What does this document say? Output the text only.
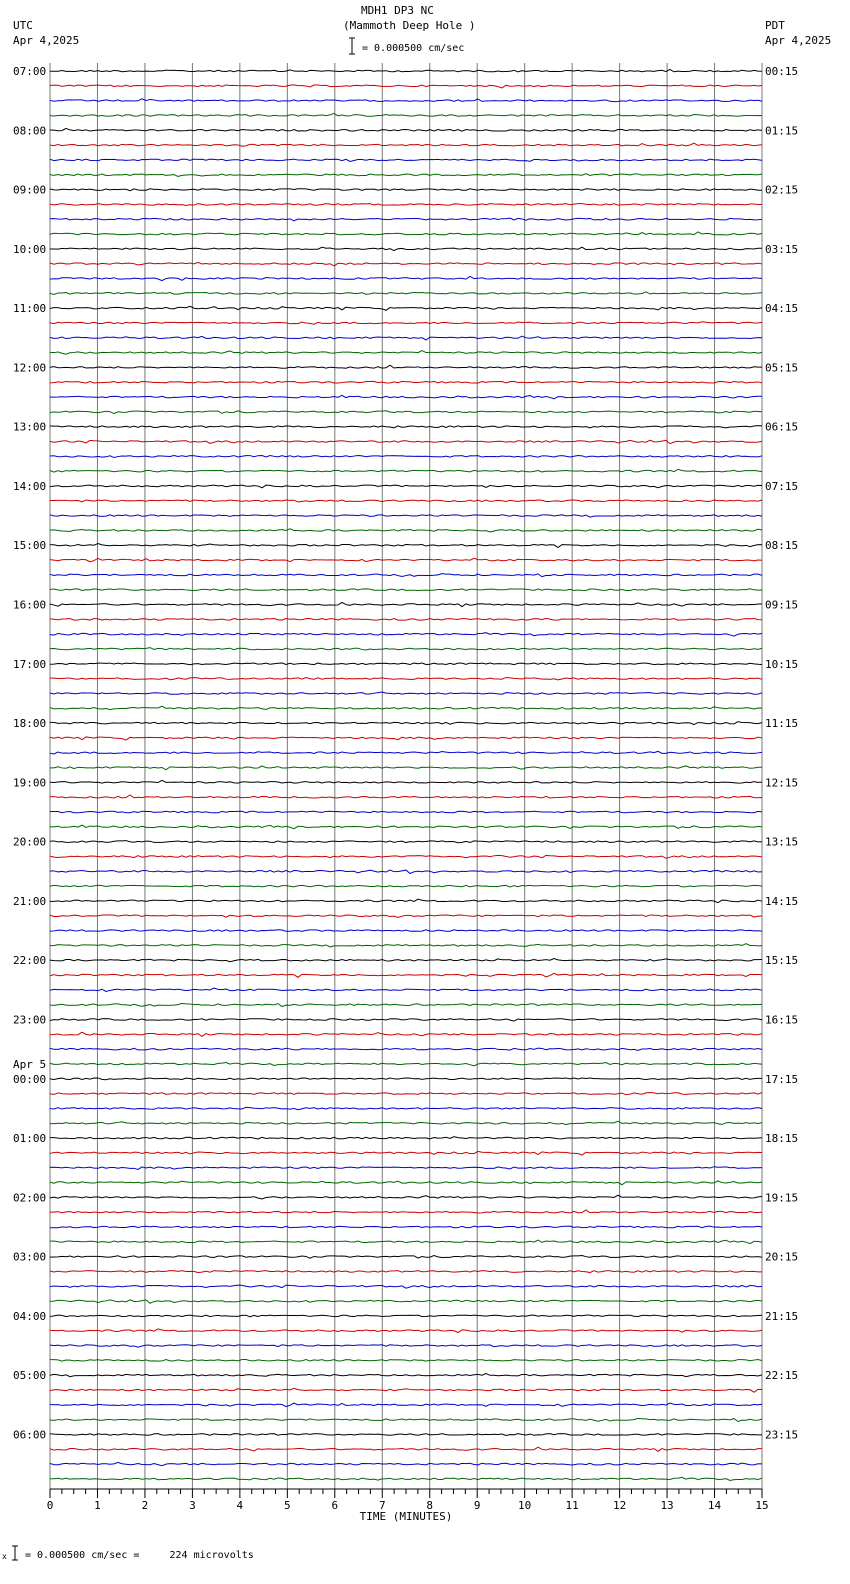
MDH1 DP3 NC
(Mammoth Deep Hole )
UTC
Apr 4,2025
PDT
Apr 4,2025
= 0.000500 cm/sec
x = 0.000500 cm/sec =     224 microvolts
0	1	2	3	4	5	6	7	8	9	10	11	12	13	14	15
TIME (MINUTES)
07:00
08:00
09:00
10:00
11:00
12:00
13:00
14:00
15:00
16:00
17:00
18:00
19:00
20:00
21:00
22:00
23:00
00:00
Apr 5
01:00
02:00
03:00
04:00
05:00
06:00
00:15
01:15
02:15
03:15
04:15
05:15
06:15
07:15
08:15
09:15
10:15
11:15
12:15
13:15
14:15
15:15
16:15
17:15
18:15
19:15
20:15
21:15
22:15
23:15
